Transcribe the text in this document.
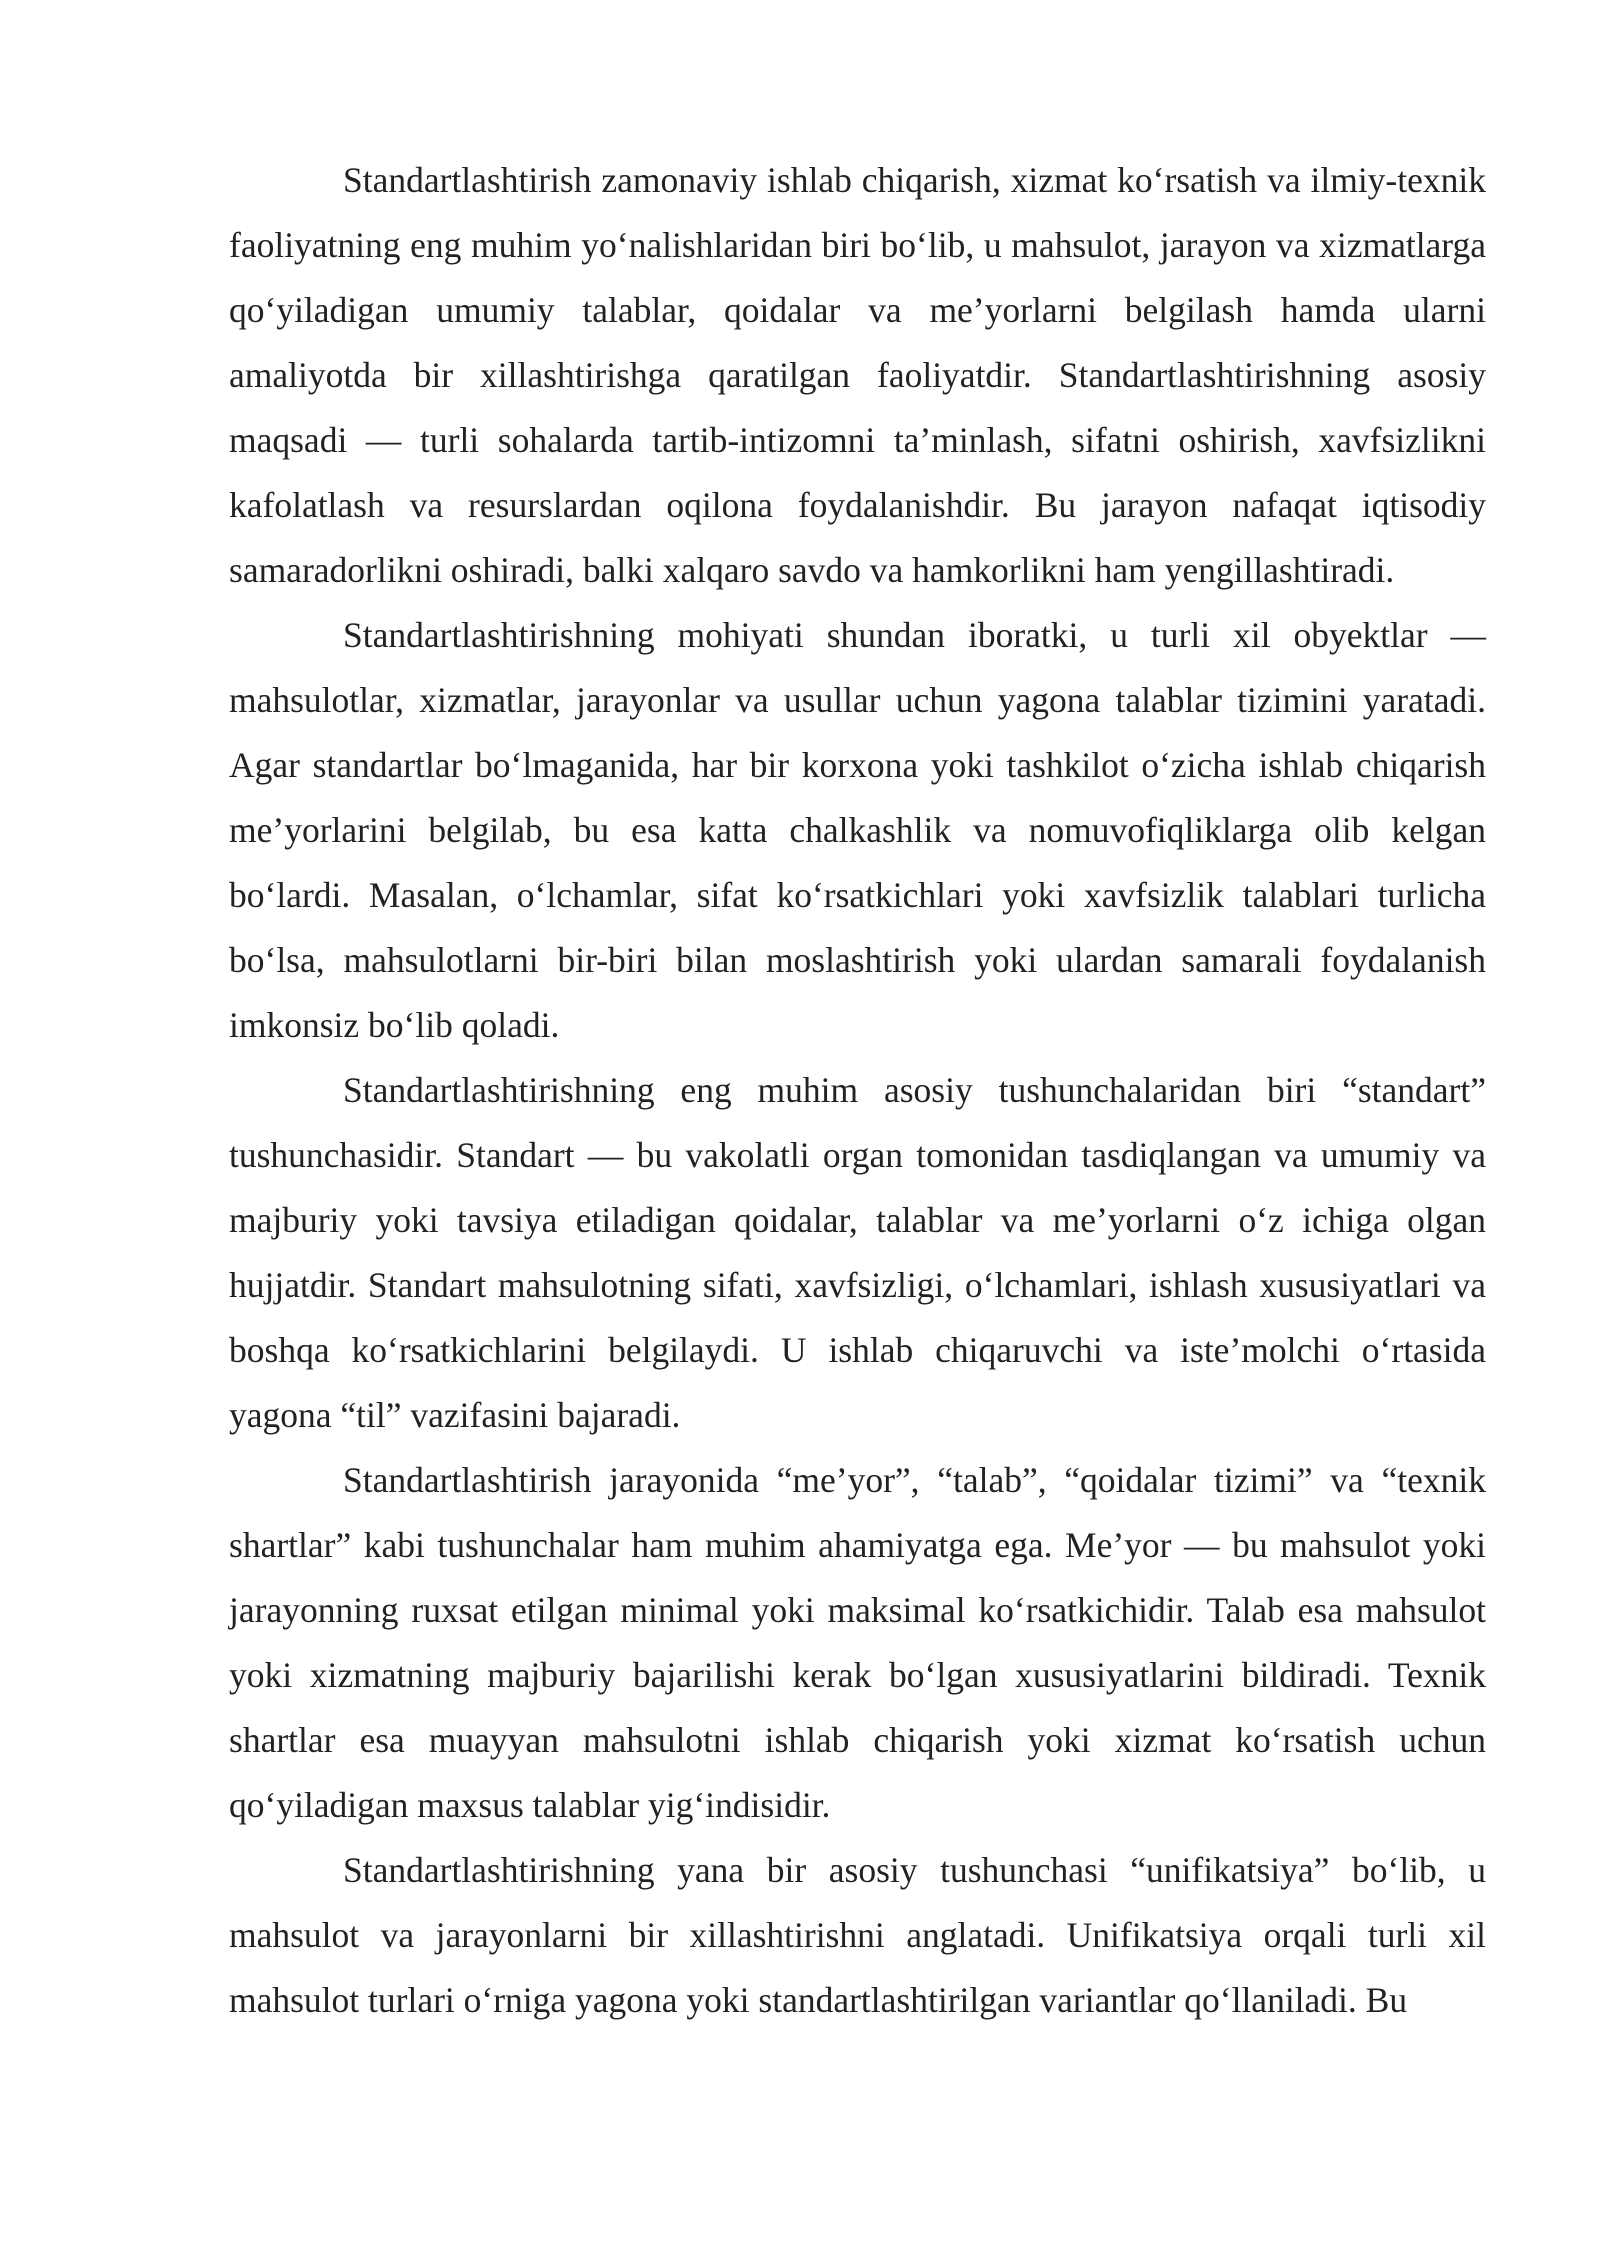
Standartlashtirish zamonaviy ishlab chiqarish, xizmat ko‘rsatish va ilmiy-texnik faoliyatning eng muhim yo‘nalishlaridan biri bo‘lib, u mahsulot, jarayon va xizmatlarga qo‘yiladigan umumiy talablar, qoidalar va me’yorlarni belgilash hamda ularni amaliyotda bir xillashtirishga qaratilgan faoliyatdir. Standartlashtirishning asosiy maqsadi — turli sohalarda tartib-intizomni ta’minlash, sifatni oshirish, xavfsizlikni kafolatlash va resurslardan oqilona foydalanishdir. Bu jarayon nafaqat iqtisodiy samaradorlikni oshiradi, balki xalqaro savdo va hamkorlikni ham yengillashtiradi.

Standartlashtirishning mohiyati shundan iboratki, u turli xil obyektlar — mahsulotlar, xizmatlar, jarayonlar va usullar uchun yagona talablar tizimini yaratadi. Agar standartlar bo‘lmaganida, har bir korxona yoki tashkilot o‘zicha ishlab chiqarish me’yorlarini belgilab, bu esa katta chalkashlik va nomuvofiqliklarga olib kelgan bo‘lardi. Masalan, o‘lchamlar, sifat ko‘rsatkichlari yoki xavfsizlik talablari turlicha bo‘lsa, mahsulotlarni bir-biri bilan moslashtirish yoki ulardan samarali foydalanish imkonsiz bo‘lib qoladi.

Standartlashtirishning eng muhim asosiy tushunchalaridan biri “standart” tushunchasidir. Standart — bu vakolatli organ tomonidan tasdiqlangan va umumiy va majburiy yoki tavsiya etiladigan qoidalar, talablar va me’yorlarni o‘z ichiga olgan hujjatdir. Standart mahsulotning sifati, xavfsizligi, o‘lchamlari, ishlash xususiyatlari va boshqa ko‘rsatkichlarini belgilaydi. U ishlab chiqaruvchi va iste’molchi o‘rtasida yagona “til” vazifasini bajaradi.

Standartlashtirish jarayonida “me’yor”, “talab”, “qoidalar tizimi” va “texnik shartlar” kabi tushunchalar ham muhim ahamiyatga ega. Me’yor — bu mahsulot yoki jarayonning ruxsat etilgan minimal yoki maksimal ko‘rsatkichidir. Talab esa mahsulot yoki xizmatning majburiy bajarilishi kerak bo‘lgan xususiyatlarini bildiradi. Texnik shartlar esa muayyan mahsulotni ishlab chiqarish yoki xizmat ko‘rsatish uchun qo‘yiladigan maxsus talablar yig‘indisidir.

Standartlashtirishning yana bir asosiy tushunchasi “unifikatsiya” bo‘lib, u mahsulot va jarayonlarni bir xillashtirishni anglatadi. Unifikatsiya orqali turli xil mahsulot turlari o‘rniga yagona yoki standartlashtirilgan variantlar qo‘llaniladi. Bu
